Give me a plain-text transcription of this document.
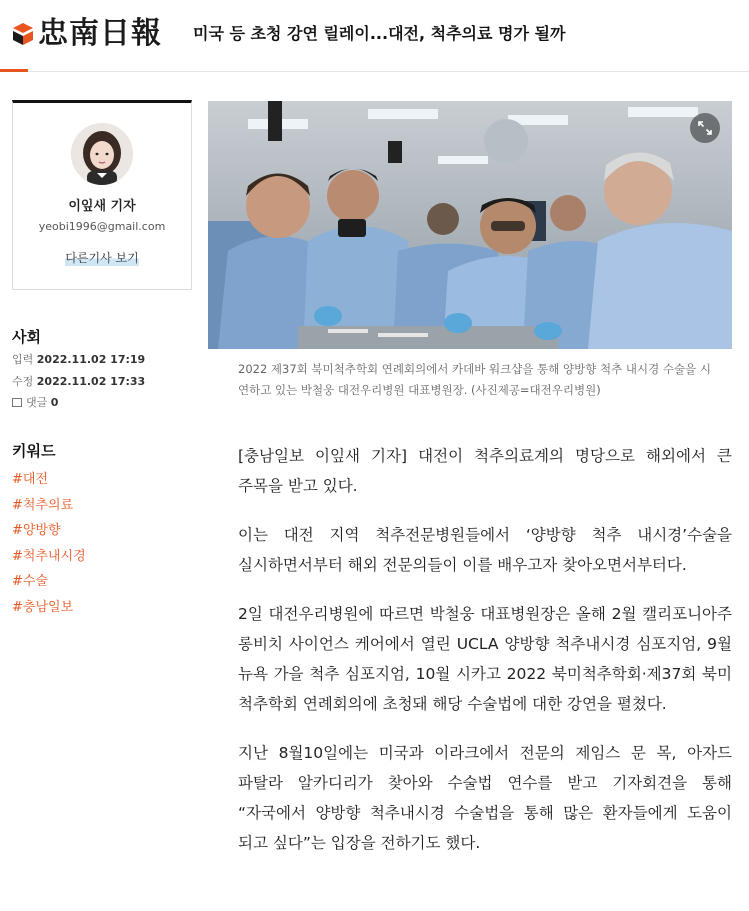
忠南日報 미국 등 초청 강연 릴레이...대전, 척추의료 명가 될까
이잎새 기자
yeobi1996@gmail.com
다른기사 보기
사회
입력 2022.11.02 17:19
수정 2022.11.02 17:33
댓글
0
키워드
#대전
#척추의료
#양방향
#척추내시경
#수술
#충남일보
2022 제37회 북미척추학회 연례회의에서 카데바 워크샵을 통해 양방향 척추 내시경 수술을 시연하고 있는 박철웅 대전우리병원 대표병원장. (사진제공=대전우리병원)

[충남일보 이잎새 기자] 대전이 척추의료계의 명당으로 해외에서 큰 주목을 받고 있다.

이는 대전 지역 척추전문병원들에서 ‘양방향 척추 내시경’수술을 실시하면서부터 해외 전문의들이 이를 배우고자 찾아오면서부터다.

2일 대전우리병원에 따르면 박철웅 대표병원장은 올해 2월 캘리포니아주 롱비치 사이언스 케어에서 열린 UCLA 양방향 척추내시경 심포지엄, 9월 뉴욕 가을 척추 심포지엄, 10월 시카고 2022 북미척추학회·제37회 북미 척추학회 연례회의에 초청돼 해당 수술법에 대한 강연을 펼쳤다.

지난 8월10일에는 미국과 이라크에서 전문의 제임스 문 목, 아자드 파탈라 알카디리가 찾아와 수술법 연수를 받고 기자회견을 통해 “자국에서 양방향 척추내시경 수술법을 통해 많은 환자들에게 도움이 되고 싶다”는 입장을 전하기도 했다.
